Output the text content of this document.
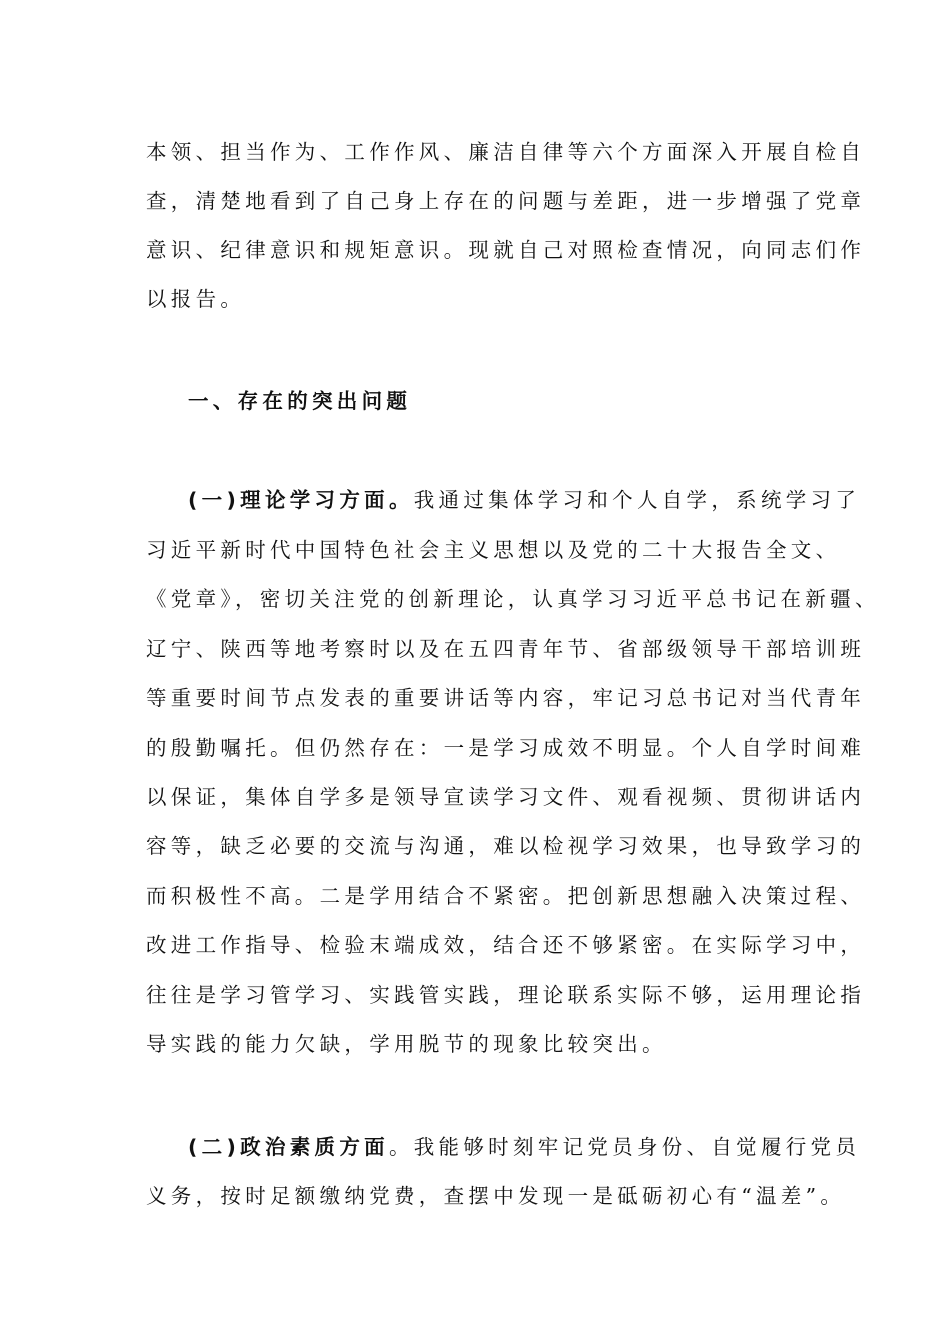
本领、担当作为、工作作风、廉洁自律等六个方面深入开展自检自
查，清楚地看到了自己身上存在的问题与差距，进一步增强了党章
意识、纪律意识和规矩意识。现就自己对照检查情况，向同志们作
以报告。
一、存在的突出问题
(一)理论学习方面。我通过集体学习和个人自学，系统学习了
习近平新时代中国特色社会主义思想以及党的二十大报告全文、
《党章》，密切关注党的创新理论，认真学习习近平总书记在新疆、
辽宁、陕西等地考察时以及在五四青年节、省部级领导干部培训班
等重要时间节点发表的重要讲话等内容，牢记习总书记对当代青年
的殷勤嘱托。但仍然存在：一是学习成效不明显。个人自学时间难
以保证，集体自学多是领导宣读学习文件、观看视频、贯彻讲话内
容等，缺乏必要的交流与沟通，难以检视学习效果，也导致学习的
而积极性不高。二是学用结合不紧密。把创新思想融入决策过程、
改进工作指导、检验末端成效，结合还不够紧密。在实际学习中，
往往是学习管学习、实践管实践，理论联系实际不够，运用理论指
导实践的能力欠缺，学用脱节的现象比较突出。
(二)政治素质方面。我能够时刻牢记党员身份、自觉履行党员
义务，按时足额缴纳党费，查摆中发现一是砥砺初心有“温差”。
